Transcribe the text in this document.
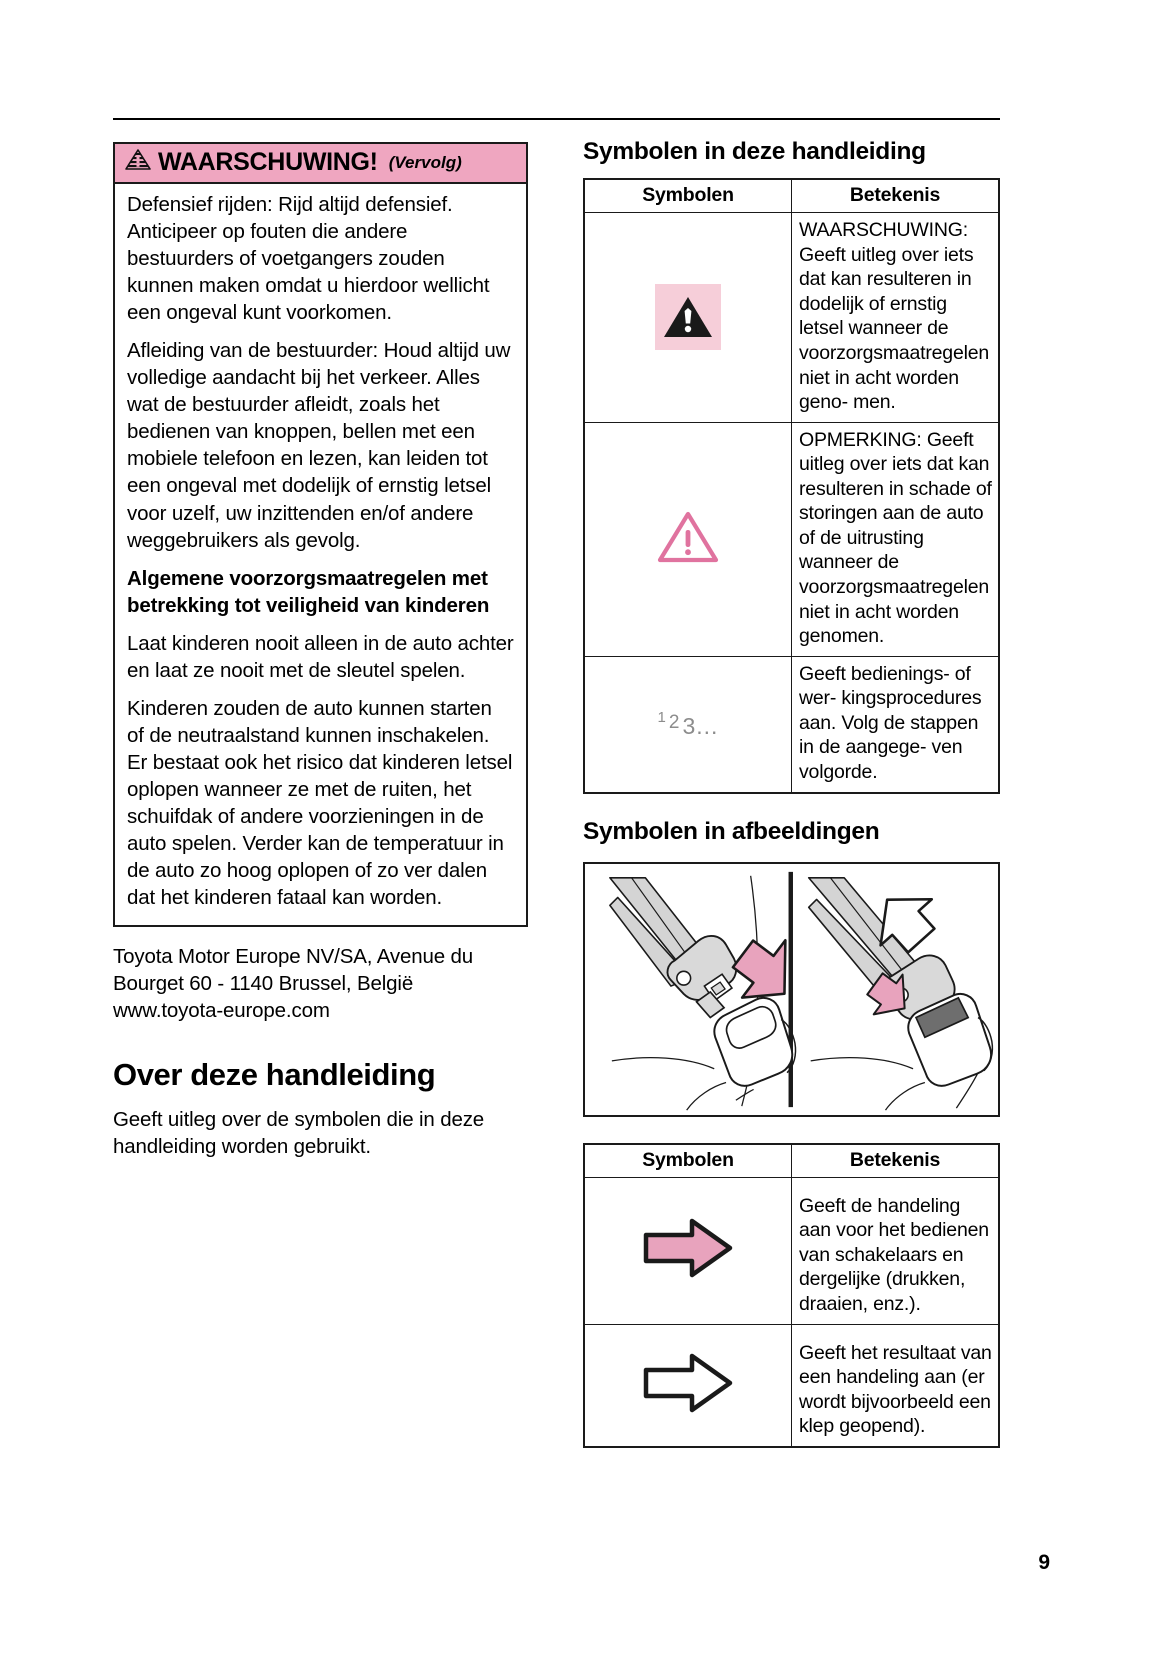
WAARSCHUWING! (Vervolg)

Defensief rijden: Rijd altijd defensief. Anticipeer op fouten die andere bestuurders of voetgangers zouden kunnen maken omdat u hierdoor wellicht een ongeval kunt voorkomen.

Afleiding van de bestuurder: Houd altijd uw volledige aandacht bij het verkeer. Alles wat de bestuurder afleidt, zoals het bedienen van knoppen, bellen met een mobiele telefoon en lezen, kan leiden tot een ongeval met dodelijk of ernstig letsel voor uzelf, uw inzittenden en/of andere weggebruikers als gevolg.

Algemene voorzorgsmaatregelen met betrekking tot veiligheid van kinderen

Laat kinderen nooit alleen in de auto achter en laat ze nooit met de sleutel spelen.

Kinderen zouden de auto kunnen starten of de neutraalstand kunnen inschakelen. Er bestaat ook het risico dat kinderen letsel oplopen wanneer ze met de ruiten, het schuifdak of andere voorzieningen in de auto spelen. Verder kan de temperatuur in de auto zo hoog oplopen of zo ver dalen dat het kinderen fataal kan worden.

Toyota Motor Europe NV/SA, Avenue du
Bourget 60 - 1140 Brussel, België
www.toyota-europe.com
Over deze handleiding
Geeft uitleg over de symbolen die in deze handleiding worden gebruikt.
Symbolen in deze handleiding
Symbolen	Betekenis

	WAARSCHUWING: Geeft uitleg over iets dat kan resulteren in dodelijk of ernstig letsel wanneer de voorzorgsmaatregelen niet in acht worden geno- men.
	OPMERKING: Geeft uitleg over iets dat kan resulteren in schade of storingen aan de auto of de uitrusting wanneer de voorzorgsmaatregelen niet in acht worden genomen.
1 2 3...	Geeft bedienings- of wer- kingsprocedures aan. Volg de stappen in de aangege- ven volgorde.
Symbolen in afbeeldingen
Symbolen	Betekenis
	Geeft de handeling aan voor het bedienen van schakelaars en dergelijke (drukken, draaien, enz.).
	Geeft het resultaat van een handeling aan (er wordt bijvoorbeeld een klep geopend).
9
